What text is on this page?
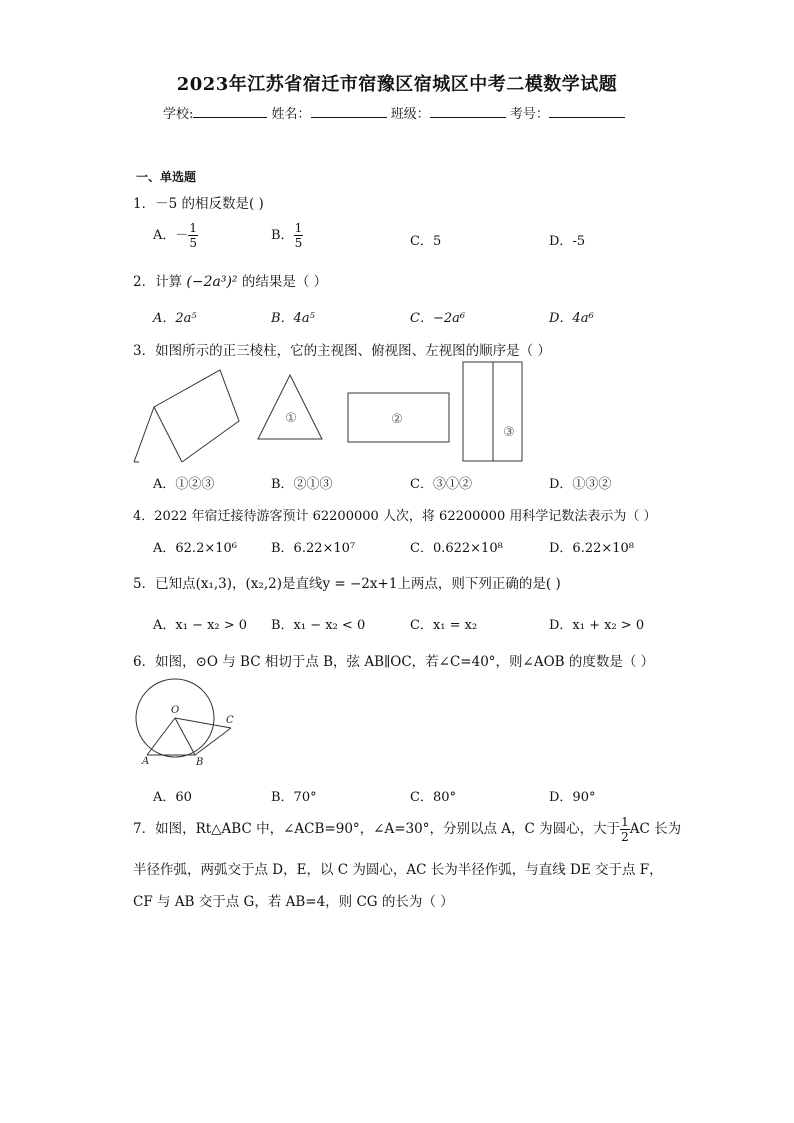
2023年江苏省宿迁市宿豫区宿城区中考二模数学试题
学校:	姓名：	班级：	考号：
一、单选题
1．－5 的相反数是( )
A．－ $\frac{1}{5}$	B． $\frac{1}{5}$	C．5	D．-5
2．计算 (−2a³)² 的结果是（ ）
A．2a⁵	B．4a⁵	C．−2a⁶	D．4a⁶
3．如图所示的正三棱柱，它的主视图、俯视图、左视图的顺序是（ ）
①	②
③
A．①②③	B．②①③	C．③①②	D．①③②
4．2022 年宿迁接待游客预计 62200000 人次，将 62200000 用科学记数法表示为（ ）
A．62.2×10⁶	B．6.22×10⁷	C．0.622×10⁸	D．6.22×10⁸
5．已知点(x₁,3)，(x₂,2)是直线y = −2x+1上两点，则下列正确的是( )
A．x₁ − x₂ > 0 B．x₁ − x₂ < 0	C．x₁ = x₂	D．x₁ + x₂ > 0
6．如图，⊙O 与 BC 相切于点 B，弦 AB∥OC，若∠C=40°，则∠AOB 的度数是（ ）
O
C
A	B
A．60	B．70°	C．80°	D．90°
7．如图，Rt△ABC 中，∠ACB=90°，∠A=30°，分别以点 A，C 为圆心，大于 $\frac{1}{2}$ AC 长为
半径作弧，两弧交于点 D，E，以 C 为圆心，AC 长为半径作弧，与直线 DE 交于点 F，
CF 与 AB 交于点 G，若 AB=4，则 CG 的长为（ ）
